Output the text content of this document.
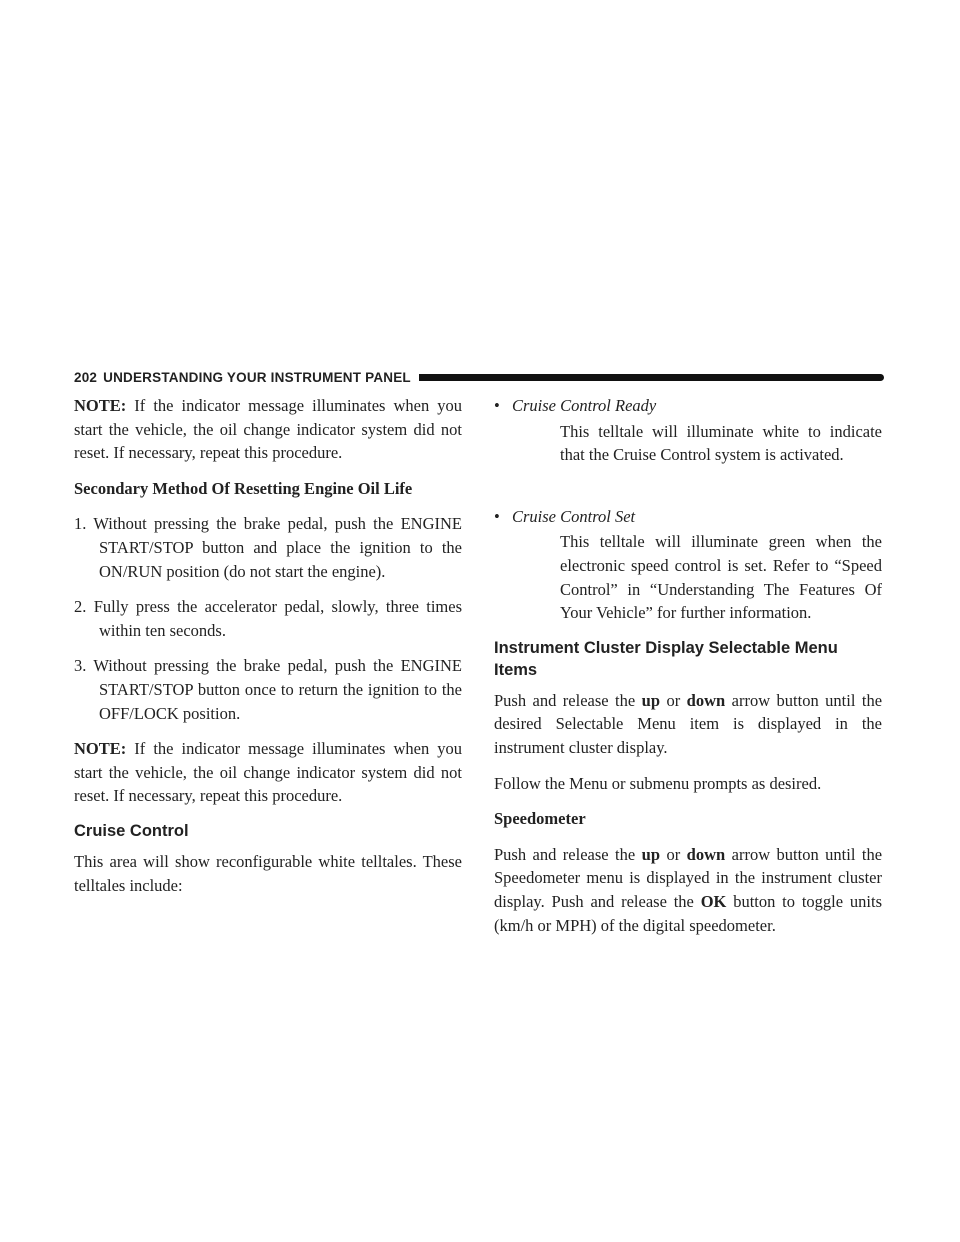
202 UNDERSTANDING YOUR INSTRUMENT PANEL

NOTE: If the indicator message illuminates when you start the vehicle, the oil change indicator system did not reset. If necessary, repeat this procedure.

Secondary Method Of Resetting Engine Oil Life

1. Without pressing the brake pedal, push the ENGINE START/STOP button and place the ignition to the ON/RUN position (do not start the engine).

2. Fully press the accelerator pedal, slowly, three times within ten seconds.

3. Without pressing the brake pedal, push the ENGINE START/STOP button once to return the ignition to the OFF/LOCK position.

NOTE: If the indicator message illuminates when you start the vehicle, the oil change indicator system did not reset. If necessary, repeat this procedure.

Cruise Control

This area will show reconfigurable white telltales. These telltales include:

• Cruise Control Ready

This telltale will illuminate white to indicate that the Cruise Control system is activated.

• Cruise Control Set

This telltale will illuminate green when the electronic speed control is set. Refer to “Speed Control” in “Understanding The Features Of Your Vehicle” for further information.

Instrument Cluster Display Selectable Menu Items

Push and release the up or down arrow button until the desired Selectable Menu item is displayed in the instrument cluster display.

Follow the Menu or submenu prompts as desired.

Speedometer

Push and release the up or down arrow button until the Speedometer menu is displayed in the instrument cluster display. Push and release the OK button to toggle units (km/h or MPH) of the digital speedometer.
